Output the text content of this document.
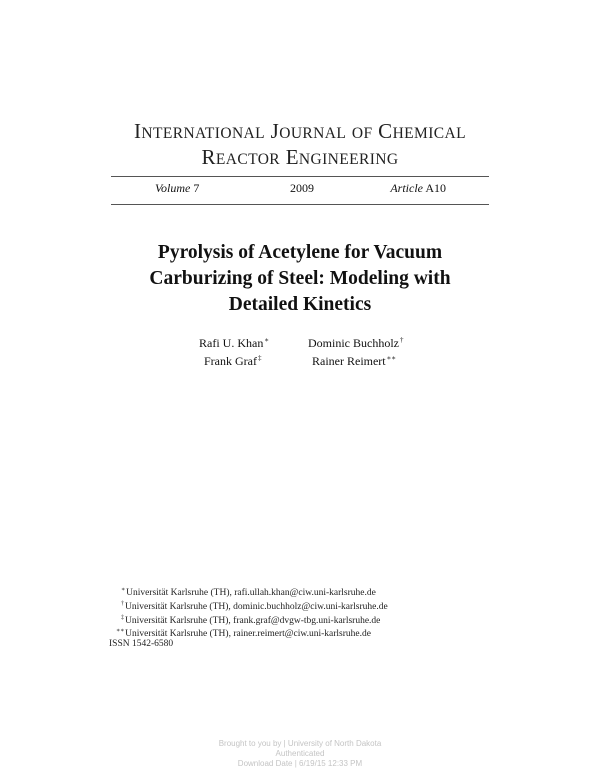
INTERNATIONAL JOURNAL OF CHEMICAL
REACTOR ENGINEERING
Volume 7	2009	Article A10
Pyrolysis of Acetylene for Vacuum
Carburizing of Steel: Modeling with
Detailed Kinetics
Rafi U. Khan∗	Dominic Buchholz†
Frank Graf‡	Rainer Reimert∗∗
∗Universität Karlsruhe (TH), rafi.ullah.khan@ciw.uni-karlsruhe.de
†Universität Karlsruhe (TH), dominic.buchholz@ciw.uni-karlsruhe.de
‡Universität Karlsruhe (TH), frank.graf@dvgw-tbg.uni-karlsruhe.de
∗∗Universität Karlsruhe (TH), rainer.reimert@ciw.uni-karlsruhe.de
ISSN 1542-6580
Brought to you by | University of North Dakota
Authenticated
Download Date | 6/19/15 12:33 PM
